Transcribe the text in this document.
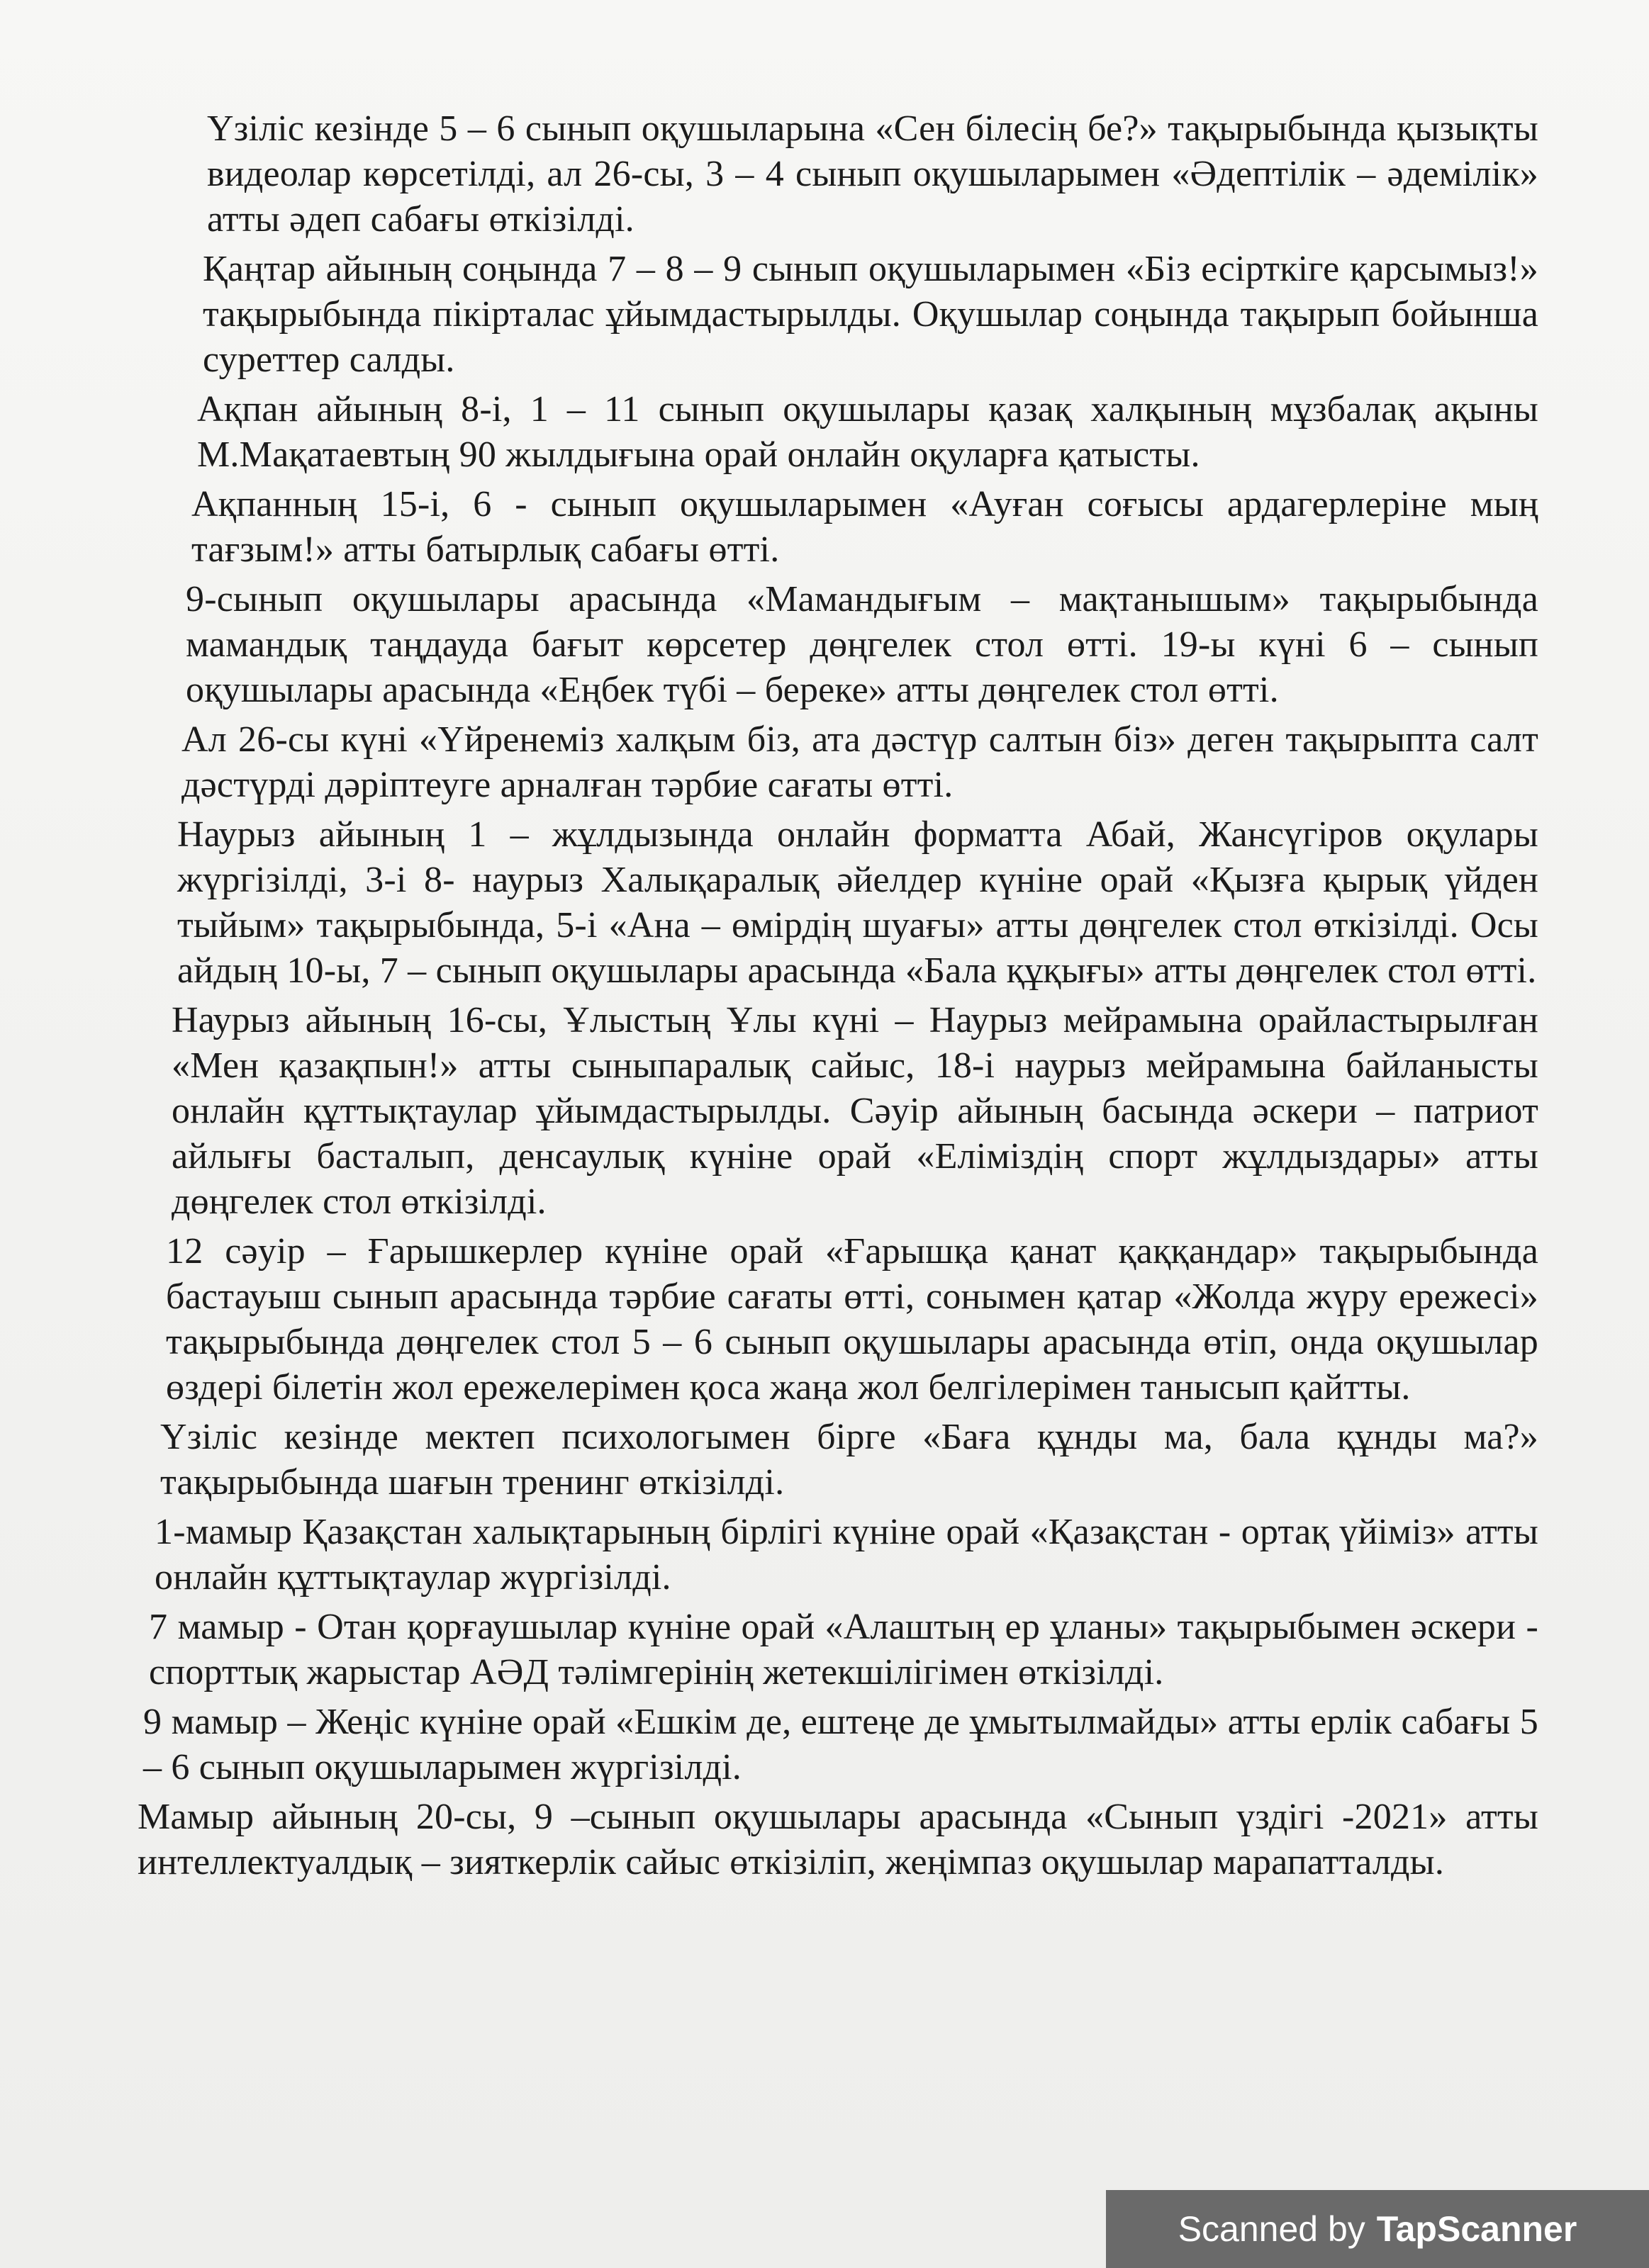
Үзіліс кезінде 5 – 6 сынып оқушыларына «Сен білесің бе?» тақырыбында қызықты видеолар көрсетілді, ал 26-сы, 3 – 4 сынып оқушыларымен «Әдептілік – әдемілік» атты әдеп сабағы өткізілді.

Қаңтар айының соңында 7 – 8 – 9 сынып оқушыларымен «Біз есірткіге қарсымыз!» тақырыбында пікірталас ұйымдастырылды. Оқушылар соңында тақырып бойынша суреттер салды.

Ақпан айының 8-і, 1 – 11 сынып оқушылары қазақ халқының мұзбалақ ақыны М.Мақатаевтың 90 жылдығына орай онлайн оқуларға қатысты.

Ақпанның 15-і, 6 - сынып оқушыларымен «Ауған соғысы ардагерлеріне мың тағзым!» атты батырлық сабағы өтті.

9-сынып оқушылары арасында «Мамандығым – мақтанышым» тақырыбында мамандық таңдауда бағыт көрсетер дөңгелек стол өтті. 19-ы күні 6 – сынып оқушылары арасында «Еңбек түбі – береке» атты дөңгелек стол өтті.

Ал 26-сы күні «Үйренеміз халқым біз, ата дәстүр салтын біз» деген тақырыпта салт дәстүрді дәріптеуге арналған тәрбие сағаты өтті.

Наурыз айының 1 – жұлдызында онлайн форматта Абай, Жансүгіров оқулары жүргізілді, 3-і 8- наурыз Халықаралық әйелдер күніне орай «Қызға қырық үйден тыйым» тақырыбында, 5-і «Ана – өмірдің шуағы» атты дөңгелек стол өткізілді. Осы айдың 10-ы, 7 – сынып оқушылары арасында «Бала құқығы» атты дөңгелек стол өтті.

Наурыз айының 16-сы, Ұлыстың Ұлы күні – Наурыз мейрамына орайластырылған «Мен қазақпын!» атты сыныпаралық сайыс, 18-і наурыз мейрамына байланысты онлайн құттықтаулар ұйымдастырылды. Сәуір айының басында әскери – патриот айлығы басталып, денсаулық күніне орай «Еліміздің спорт жұлдыздары» атты дөңгелек стол өткізілді.

12 сәуір – Ғарышкерлер күніне орай «Ғарышқа қанат қаққандар» тақырыбында бастауыш сынып арасында тәрбие сағаты өтті, сонымен қатар «Жолда жүру ережесі» тақырыбында дөңгелек стол 5 – 6 сынып оқушылары арасында өтіп, онда оқушылар өздері білетін жол ережелерімен қоса жаңа жол белгілерімен танысып қайтты.

Үзіліс кезінде мектеп психологымен бірге «Баға құнды ма, бала құнды ма?» тақырыбында шағын тренинг өткізілді.

1-мамыр Қазақстан халықтарының бірлігі күніне орай «Қазақстан - ортақ үйіміз» атты онлайн құттықтаулар жүргізілді.

7 мамыр - Отан қорғаушылар күніне орай «Алаштың ер ұланы» тақырыбымен әскери - спорттық жарыстар АӘД тәлімгерінің жетекшілігімен өткізілді.

9 мамыр – Жеңіс күніне орай «Ешкім де, ештеңе де ұмытылмайды» атты ерлік сабағы 5 – 6 сынып оқушыларымен жүргізілді.

Мамыр айының 20-сы, 9 –сынып оқушылары арасында «Сынып үздігі -2021» атты интеллектуалдық – зияткерлік сайыс өткізіліп, жеңімпаз оқушылар марапатталды.

Scanned by TapScanner
